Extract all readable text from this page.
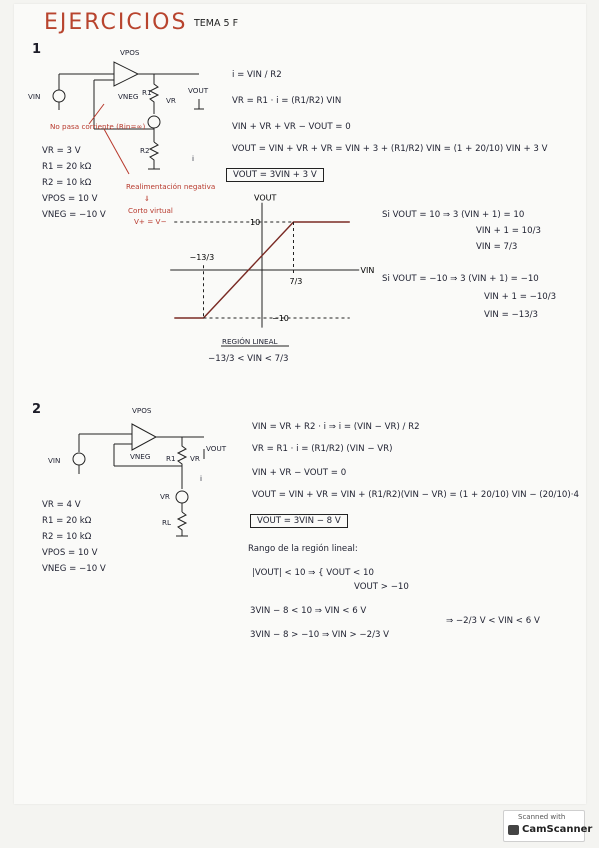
EJERCICIOS TEMA 5 F
1
VOUT
VIN
10
−10
−13/3
7/3
VPOS
VNEG R1
VR
R2
VIN
VOUT
i
No pasa corriente (Rin=∞)
Realimentación negativa
⇓
Corto virtual
V+ = V−
VR = 3 V
R1 = 20 kΩ
R2 = 10 kΩ
VPOS = 10 V
VNEG = −10 V
i = VIN / R2
VR = R1 · i = (R1/R2) VIN
VIN + VR + VR − VOUT = 0
VOUT = VIN + VR + VR = VIN + 3 + (R1/R2) VIN = (1 + 20/10) VIN + 3 V
VOUT = 3VIN + 3 V
Si VOUT = 10 ⇒ 3 (VIN + 1) = 10
VIN + 1 = 10/3
VIN = 7/3
Si VOUT = −10 ⇒ 3 (VIN + 1) = −10
VIN + 1 = −10/3
VIN = −13/3
REGIÓN LINEAL
−13/3 < VIN < 7/3
2	VPOS
VNEG R1 VR
VR
RL
VIN
VOUT
i
VR = 4 V
R1 = 20 kΩ
R2 = 10 kΩ
VPOS = 10 V
VNEG = −10 V
VIN = VR + R2 · i ⇒ i = (VIN − VR) / R2
VR = R1 · i = (R1/R2) (VIN − VR)
VIN + VR − VOUT = 0
VOUT = VIN + VR = VIN + (R1/R2)(VIN − VR) = (1 + 20/10) VIN − (20/10)·4
VOUT = 3VIN − 8 V
Rango de la región lineal:
|VOUT| < 10 ⇒ { VOUT < 10
VOUT > −10
3VIN − 8 < 10 ⇒ VIN < 6 V
3VIN − 8 > −10 ⇒ VIN > −2/3 V
⇒ −2/3 V < VIN < 6 V
Scanned with
CamScanner
